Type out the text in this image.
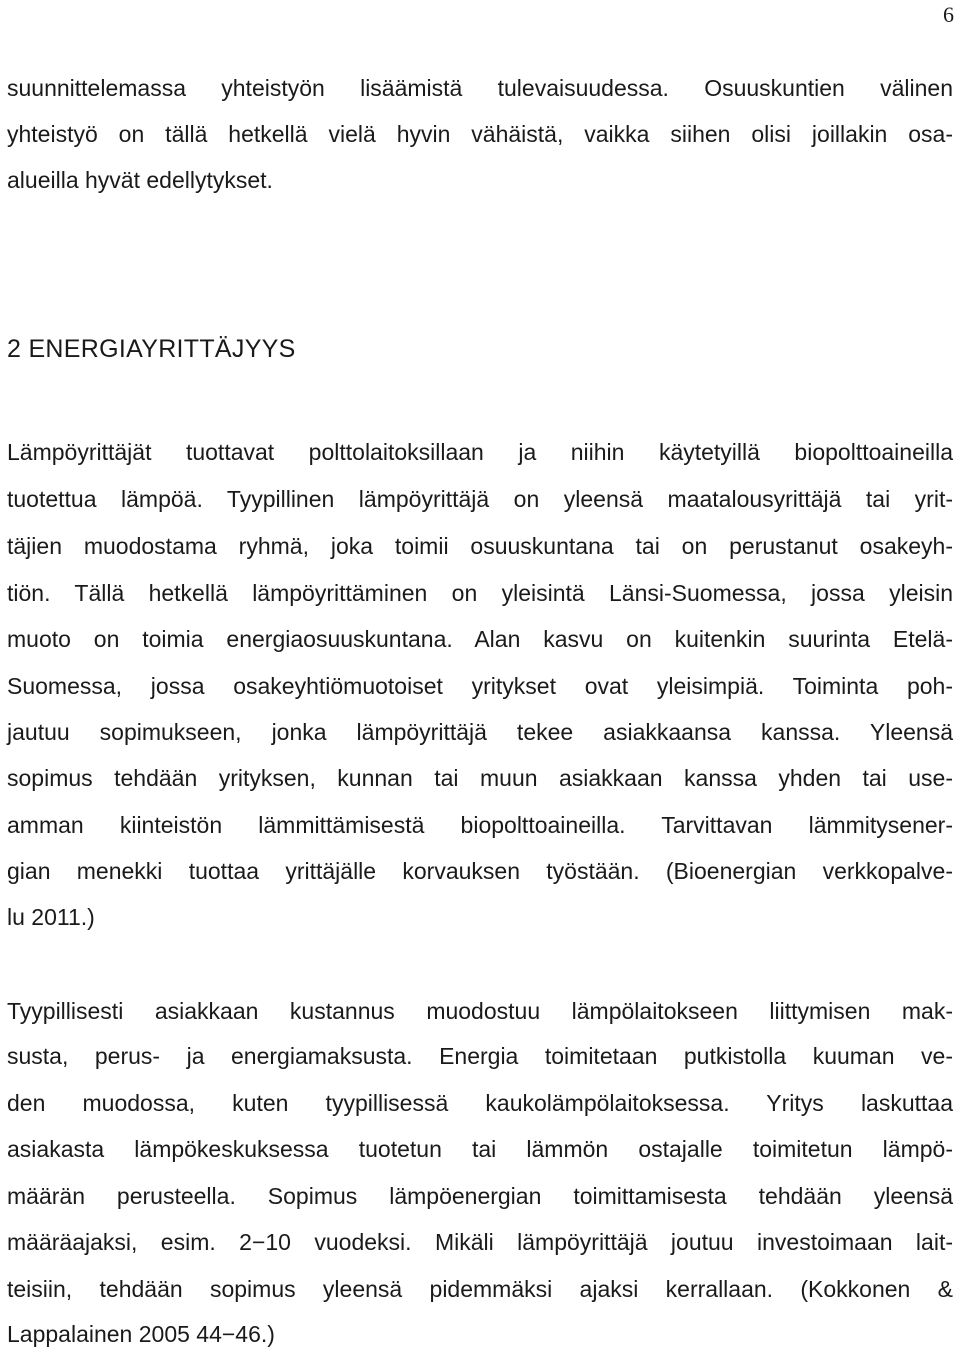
6

suunnittelemassa yhteistyön lisäämistä tulevaisuudessa. Osuuskuntien välinen

yhteistyö on tällä hetkellä vielä hyvin vähäistä, vaikka siihen olisi joillakin osa-

alueilla hyvät edellytykset.

2 ENERGIAYRITTÄJYYS

Lämpöyrittäjät tuottavat polttolaitoksillaan ja niihin käytetyillä biopolttoaineilla

tuotettua lämpöä. Tyypillinen lämpöyrittäjä on yleensä maatalousyrittäjä tai yrit-

täjien muodostama ryhmä, joka toimii osuuskuntana tai on perustanut osakeyh-

tiön. Tällä hetkellä lämpöyrittäminen on yleisintä Länsi-Suomessa, jossa yleisin

muoto on toimia energiaosuuskuntana. Alan kasvu on kuitenkin suurinta Etelä-

Suomessa, jossa osakeyhtiömuotoiset yritykset ovat yleisimpiä. Toiminta poh-

jautuu sopimukseen, jonka lämpöyrittäjä tekee asiakkaansa kanssa. Yleensä

sopimus tehdään yrityksen, kunnan tai muun asiakkaan kanssa yhden tai use-

amman kiinteistön lämmittämisestä biopolttoaineilla. Tarvittavan lämmitysener-

gian menekki tuottaa yrittäjälle korvauksen työstään. (Bioenergian verkkopalve-

lu 2011.)

Tyypillisesti asiakkaan kustannus muodostuu lämpölaitokseen liittymisen mak-

susta, perus- ja energiamaksusta. Energia toimitetaan putkistolla kuuman ve-

den muodossa, kuten tyypillisessä kaukolämpölaitoksessa. Yritys laskuttaa

asiakasta lämpökeskuksessa tuotetun tai lämmön ostajalle toimitetun lämpö-

määrän perusteella. Sopimus lämpöenergian toimittamisesta tehdään yleensä

määräajaksi, esim. 2−10 vuodeksi. Mikäli lämpöyrittäjä joutuu investoimaan lait-

teisiin, tehdään sopimus yleensä pidemmäksi ajaksi kerrallaan. (Kokkonen &

Lappalainen 2005 44−46.)
